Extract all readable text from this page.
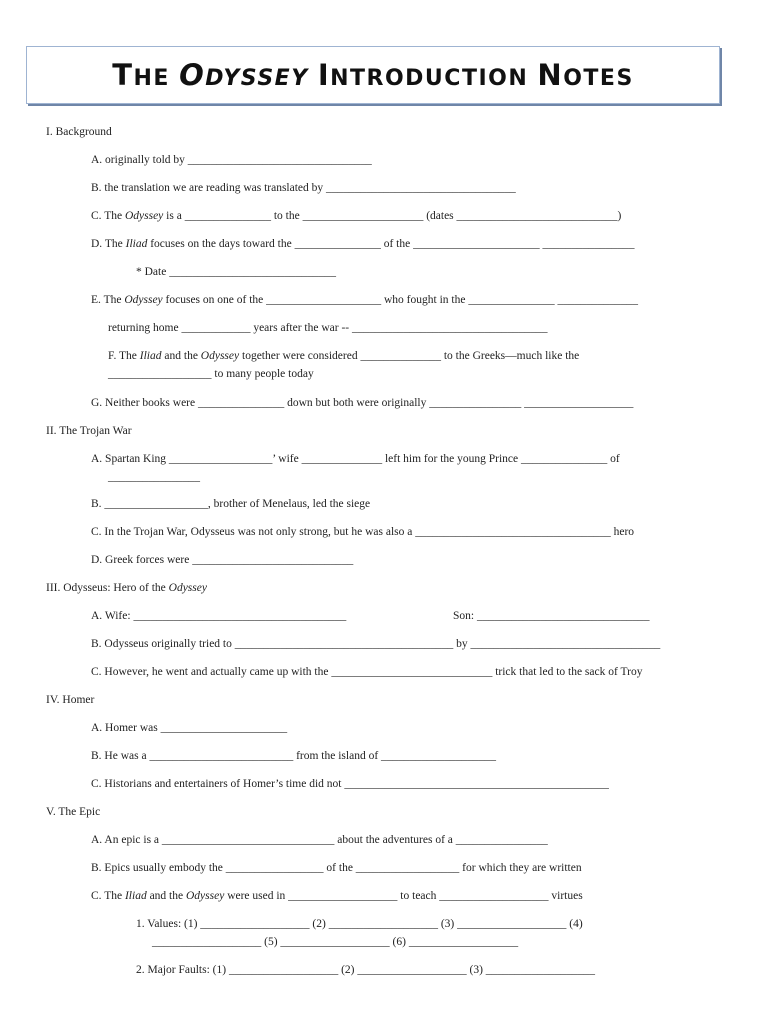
THE ODYSSEY INTRODUCTION NOTES
I. Background
A. originally told by ________________________________
B. the translation we are reading was translated by _________________________________
C. The Odyssey is a _______________ to the _____________________ (dates ____________________________)
D. The Iliad focuses on the days toward the _______________ of the ______________________ ________________
* Date _____________________________
E. The Odyssey focuses on one of the ____________________ who fought in the _______________ ______________
returning home ____________ years after the war -- __________________________________
F. The Iliad and the Odyssey together were considered ______________ to the Greeks—much like the
__________________ to many people today
G. Neither books were _______________ down but both were originally ________________ ___________________
II. The Trojan War
A. Spartan King __________________’ wife ______________ left him for the young Prince _______________ of
________________
B. __________________, brother of Menelaus, led the siege
C. In the Trojan War, Odysseus was not only strong, but he was also a __________________________________ hero
D. Greek forces were ____________________________
III. Odysseus: Hero of the Odyssey
A. Wife: _____________________________________	Son: ______________________________
B. Odysseus originally tried to ______________________________________ by _________________________________
C. However, he went and actually came up with the ____________________________ trick that led to the sack of Troy
IV. Homer
A. Homer was ______________________
B. He was a _________________________ from the island of ____________________
C. Historians and entertainers of Homer’s time did not ______________________________________________
V. The Epic
A. An epic is a ______________________________ about the adventures of a ________________
B. Epics usually embody the _________________ of the __________________ for which they are written
C. The Iliad and the Odyssey were used in ___________________ to teach ___________________ virtues
1. Values: (1) ___________________ (2) ___________________ (3) ___________________ (4)
___________________ (5) ___________________ (6) ___________________
2. Major Faults: (1) ___________________ (2) ___________________ (3) ___________________
